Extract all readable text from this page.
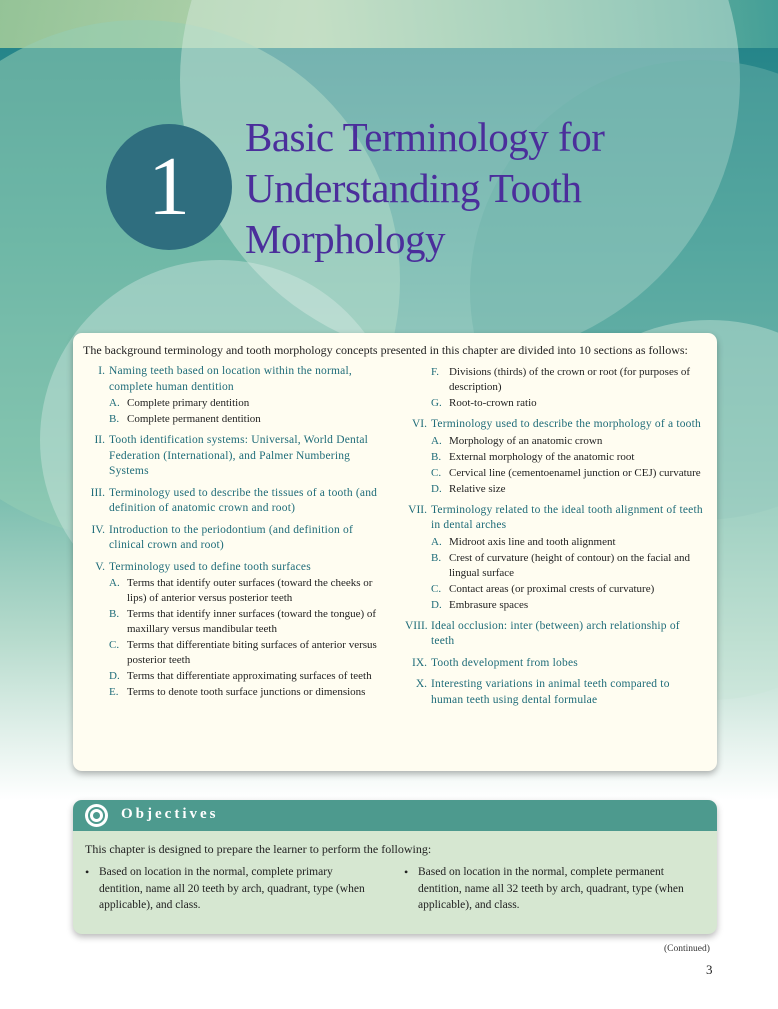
1
Basic Terminology for
Understanding Tooth
Morphology

The background terminology and tooth morphology concepts presented in this chapter are divided into 10 sections as follows:

I. Naming teeth based on location within the normal, complete human dentition
A. Complete primary dentition
B. Complete permanent dentition
II. Tooth identification systems: Universal, World Dental Federation (International), and Palmer Numbering Systems
III. Terminology used to describe the tissues of a tooth (and definition of anatomic crown and root)
IV. Introduction to the periodontium (and definition of clinical crown and root)
V. Terminology used to define tooth surfaces
A. Terms that identify outer surfaces (toward the cheeks or lips) of anterior versus posterior teeth
B. Terms that identify inner surfaces (toward the tongue) of maxillary versus mandibular teeth
C. Terms that differentiate biting surfaces of anterior versus posterior teeth
D. Terms that differentiate approximating surfaces of teeth
E. Terms to denote tooth surface junctions or dimensions
F. Divisions (thirds) of the crown or root (for purposes of description)
G. Root-to-crown ratio
VI. Terminology used to describe the morphology of a tooth
A. Morphology of an anatomic crown
B. External morphology of the anatomic root
C. Cervical line (cementoenamel junction or CEJ) curvature
D. Relative size
VII. Terminology related to the ideal tooth alignment of teeth in dental arches
A. Midroot axis line and tooth alignment
B. Crest of curvature (height of contour) on the facial and lingual surface
C. Contact areas (or proximal crests of curvature)
D. Embrasure spaces
VIII. Ideal occlusion: inter (between) arch relationship of teeth
IX. Tooth development from lobes
X. Interesting variations in animal teeth compared to human teeth using dental formulae
Objectives
This chapter is designed to prepare the learner to perform the following:
• Based on location in the normal, complete primary dentition, name all 20 teeth by arch, quadrant, type (when applicable), and class.
• Based on location in the normal, complete permanent dentition, name all 32 teeth by arch, quadrant, type (when applicable), and class.
(Continued)
3
